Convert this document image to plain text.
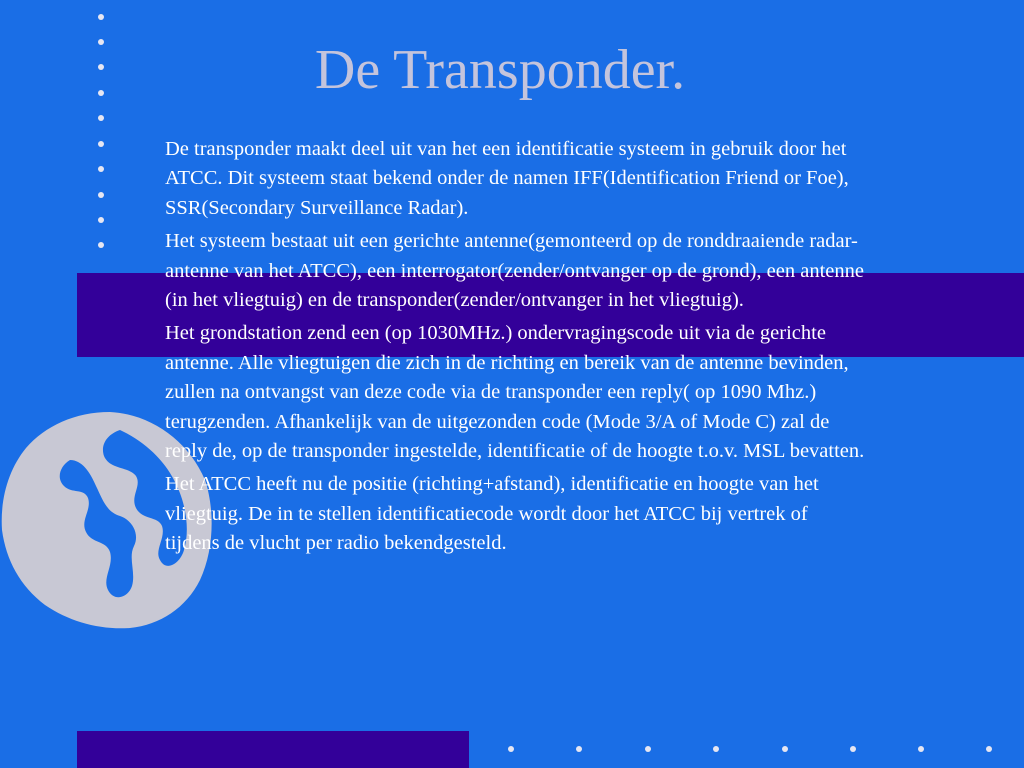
De Transponder.

De transponder maakt deel uit van het een identificatie systeem in gebruik door het ATCC. Dit systeem staat bekend onder de namen IFF(Identification Friend or Foe), SSR(Secondary Surveillance Radar).

Het systeem bestaat uit een gerichte antenne(gemonteerd op de ronddraaiende radar-antenne van het ATCC), een interrogator(zender/ontvanger op de grond), een antenne (in het vliegtuig) en de transponder(zender/ontvanger in het vliegtuig).

Het grondstation zend een (op 1030MHz.) ondervragingscode uit via de gerichte antenne. Alle vliegtuigen die zich in de richting en bereik van de antenne bevinden, zullen na ontvangst van deze code via de transponder een reply( op 1090 Mhz.) terugzenden. Afhankelijk van de uitgezonden code (Mode 3/A of Mode C) zal de reply de, op de transponder ingestelde, identificatie of de hoogte t.o.v. MSL bevatten.

Het ATCC heeft nu de positie (richting+afstand), identificatie en hoogte van het vliegtuig. De in te stellen identificatiecode wordt door het ATCC bij vertrek of tijdens de vlucht per radio bekendgesteld.
